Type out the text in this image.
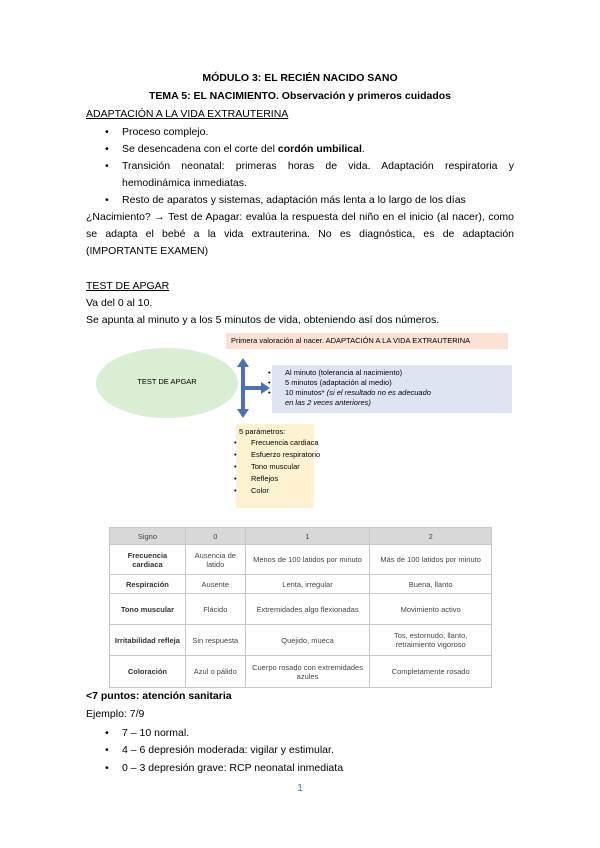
MÓDULO 3: EL RECIÉN NACIDO SANO
TEMA 5: EL NACIMIENTO. Observación y primeros cuidados
ADAPTACIÓN A LA VIDA EXTRAUTERINA
• Proceso complejo.
• Se desencadena con el corte del cordón umbilical.
• Transición neonatal: primeras horas de vida. Adaptación respiratoria y
hemodinámica inmediatas.
• Resto de aparatos y sistemas, adaptación más lenta a lo largo de los días
¿Nacimiento? → Test de Apagar: evalúa la respuesta del niño en el inicio (al nacer), como
se adapta el bebé a la vida extrauterina. No es diagnóstica, es de adaptación
(IMPORTANTE EXAMEN)
TEST DE APGAR
Va del 0 al 10.
Se apunta al minuto y a los 5 minutos de vida, obteniendo así dos números.
Primera valoración al nacer. ADAPTACIÓN A LA VIDA EXTRAUTERINA
TEST DE APGAR
• Al minuto (tolerancia al nacimiento)
• 5 minutos (adaptación al medio)
• 10 minutos* (si el resultado no es adecuado
en las 2 veces anteriores)
5 parámetros:
• Frecuencia cardiaca
• Esfuerzo respiratorio
• Tono muscular
• Reflejos
• Color
Signo	0	1	2
Frecuencia cardiaca	Ausencia de latido	Menos de 100 latidos por minuto	Más de 100 latidos por minuto
Respiración	Ausente	Lenta, irregular	Buena, llanto
Tono muscular	Flácido	Extremidades algo flexionadas	Movimiento activo
Irritabilidad refleja	Sin respuesta	Quejido, mueca	Tos, estornudo, llanto, retraimiento vigoroso
Coloración	Azul o pálido	Cuerpo rosado con extremidades azules	Completamente rosado
<7 puntos: atención sanitaria
Ejemplo: 7/9
• 7 – 10 normal.
• 4 – 6 depresión moderada: vigilar y estimular.
• 0 – 3 depresión grave: RCP neonatal inmediata
1
